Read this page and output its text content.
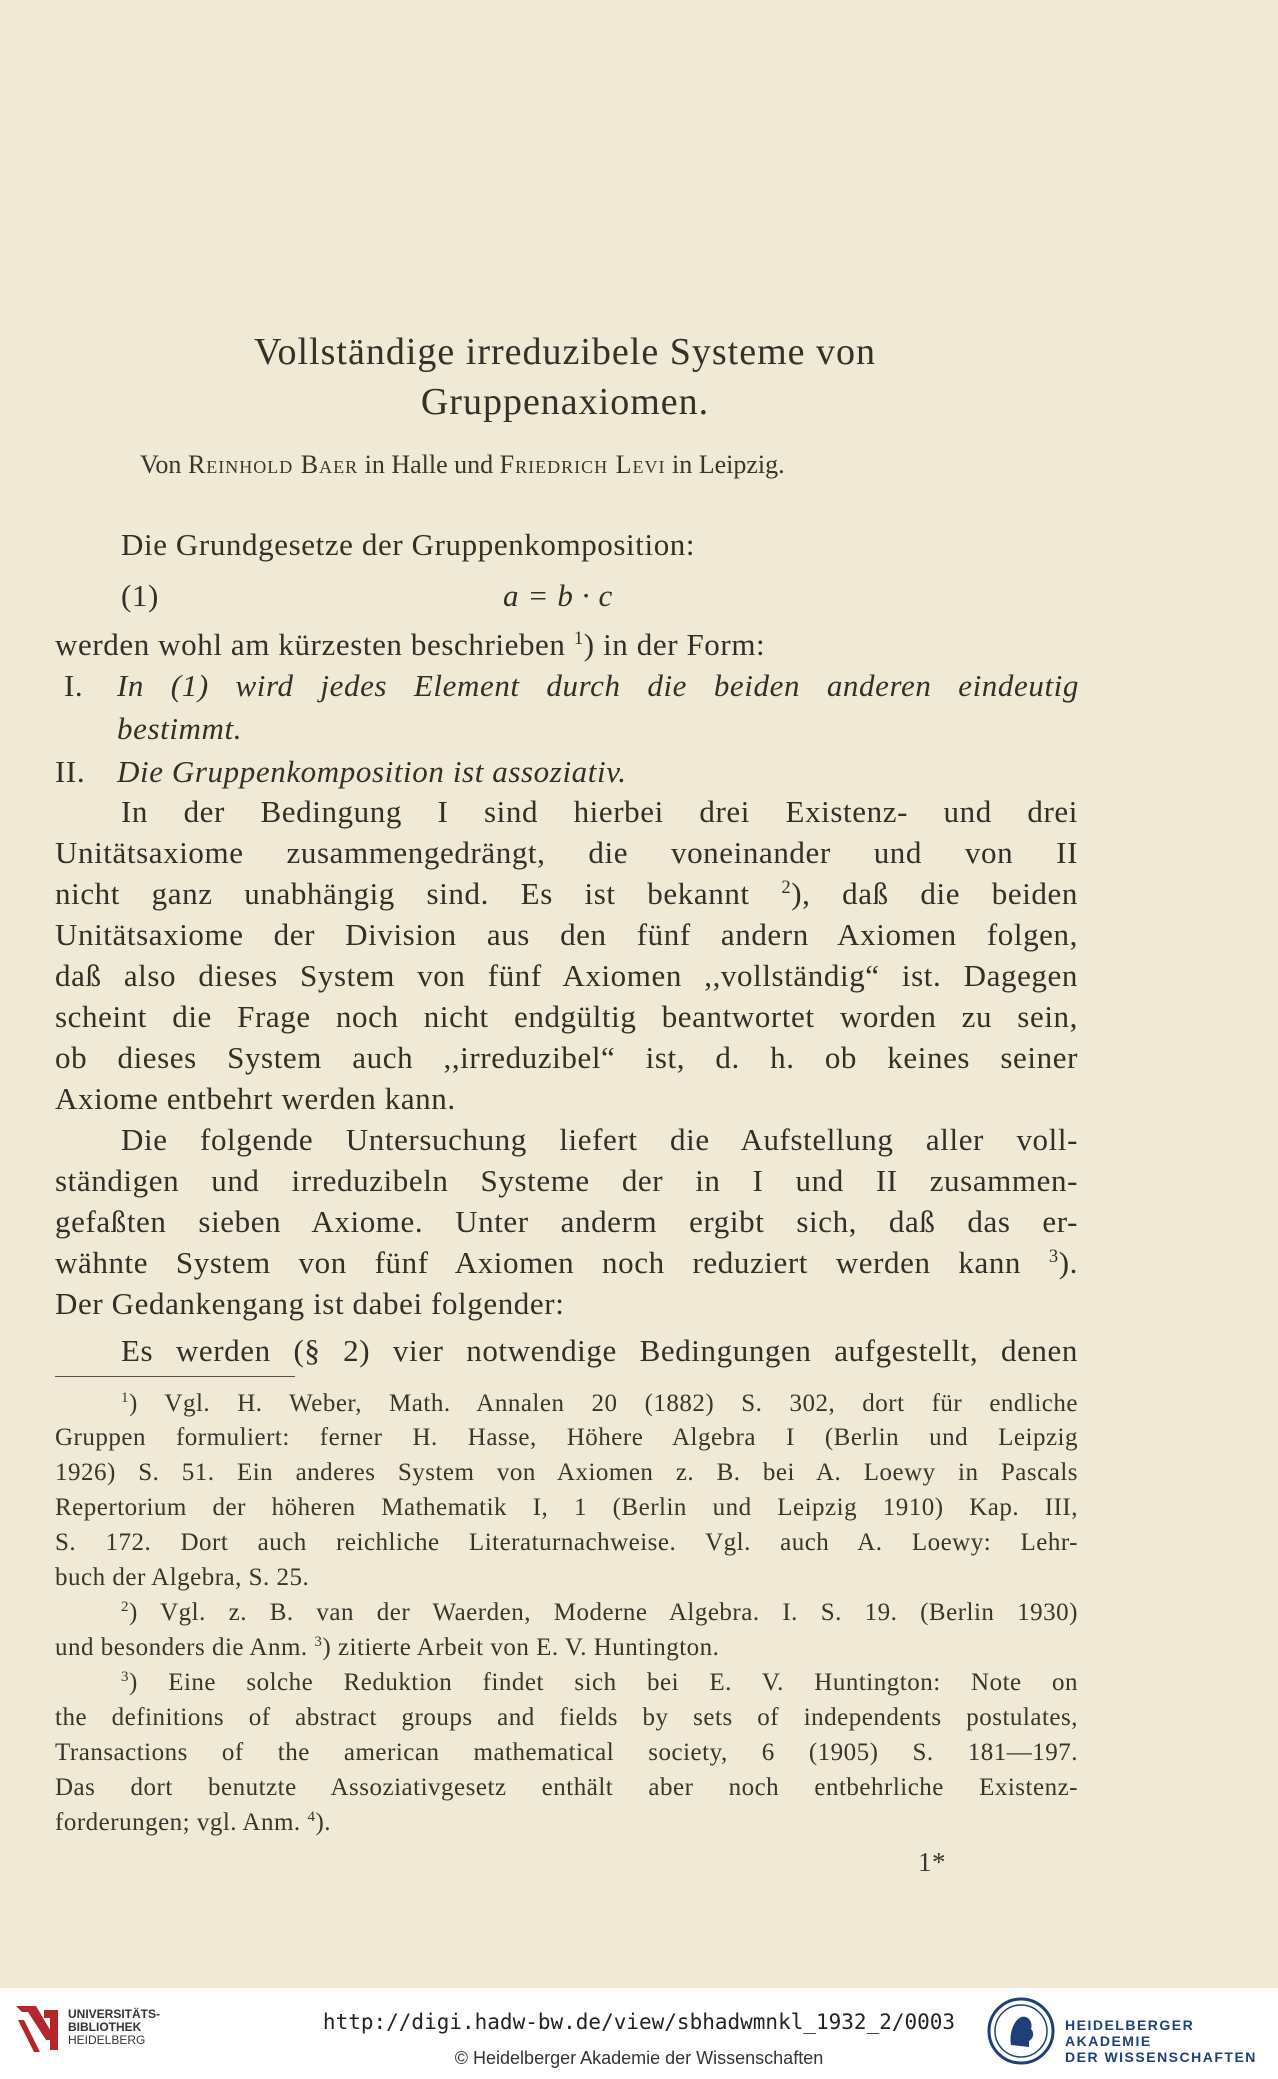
Vollständige irreduzibele Systeme von
Gruppenaxiomen.
Von Reinhold Baer in Halle und Friedrich Levi in Leipzig.
Die Grundgesetze der Gruppenkomposition:
(1)	a = b · c
werden wohl am kürzesten beschrieben $^1$) in der Form:
I. In (1) wird jedes Element durch die beiden anderen eindeutig
bestimmt.
II. Die Gruppenkomposition ist assoziativ.
In der Bedingung I sind hierbei drei Existenz- und drei
Unitätsaxiome zusammengedrängt, die voneinander und von II
nicht ganz unabhängig sind. Es ist bekannt $^2$), daß die beiden
Unitätsaxiome der Division aus den fünf andern Axiomen folgen,
daß also dieses System von fünf Axiomen ,,vollständig“ ist. Dagegen
scheint die Frage noch nicht endgültig beantwortet worden zu sein,
ob dieses System auch ,,irreduzibel“ ist, d. h. ob keines seiner
Axiome entbehrt werden kann.
Die folgende Untersuchung liefert die Aufstellung aller voll-
ständigen und irreduzibeln Systeme der in I und II zusammen-
gefaßten sieben Axiome. Unter anderm ergibt sich, daß das er-
wähnte System von fünf Axiomen noch reduziert werden kann $^3$).
Der Gedankengang ist dabei folgender:
Es werden (§ 2) vier notwendige Bedingungen aufgestellt, denen
$^1$) Vgl. H. Weber, Math. Annalen 20 (1882) S. 302, dort für endliche
Gruppen formuliert: ferner H. Hasse, Höhere Algebra I (Berlin und Leipzig
1926) S. 51. Ein anderes System von Axiomen z. B. bei A. Loewy in Pascals
Repertorium der höheren Mathematik I, 1 (Berlin und Leipzig 1910) Kap. III,
S. 172. Dort auch reichliche Literaturnachweise. Vgl. auch A. Loewy: Lehr-
buch der Algebra, S. 25.
$^2$) Vgl. z. B. van der Waerden, Moderne Algebra. I. S. 19. (Berlin 1930)
und besonders die Anm. $^3$) zitierte Arbeit von E. V. Huntington.
$^3$) Eine solche Reduktion findet sich bei E. V. Huntington: Note on
the definitions of abstract groups and fields by sets of independents postulates,
Transactions of the american mathematical society, 6 (1905) S. 181—197.
Das dort benutzte Assoziativgesetz enthält aber noch entbehrliche Existenz-
forderungen; vgl. Anm. $^4$).
1*
UNIVERSITÄTS-
BIBLIOTHEK
HEIDELBERG
http://digi.hadw-bw.de/view/sbhadwmnkl_1932_2/0003
© Heidelberger Akademie der Wissenschaften
HEIDELBERGER AKADEMIE
DER WISSENSCHAFTEN
